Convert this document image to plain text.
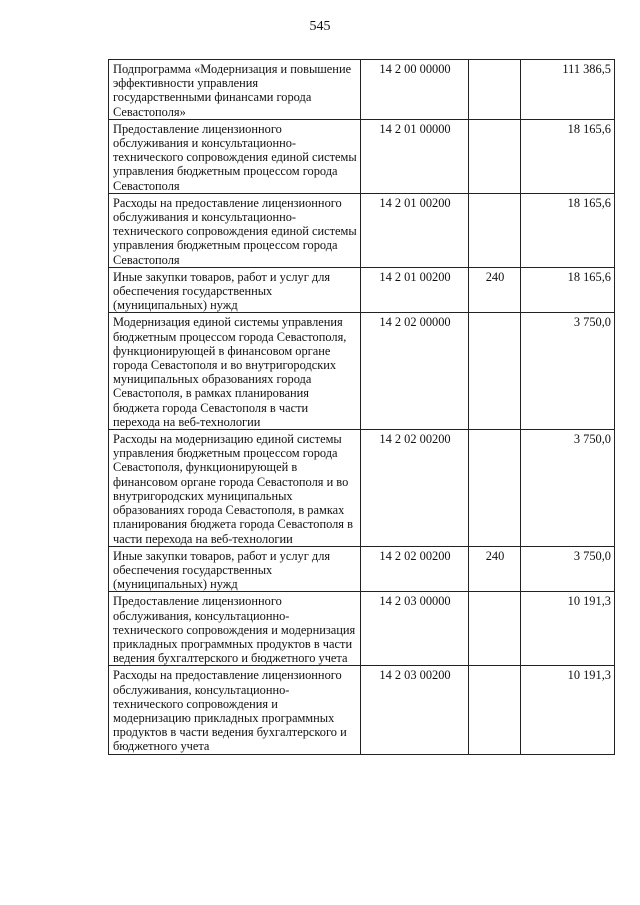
545
Подпрограмма «Модернизация и повышение эффективности управления государственными финансами города Севастополя»	14 2 00 00000		111 386,5
Предоставление лицензионного обслуживания и консультационно-технического сопровождения единой системы управления бюджетным процессом города Севастополя	14 2 01 00000		18 165,6
Расходы на предоставление лицензионного обслуживания и консультационно-технического сопровождения единой системы управления бюджетным процессом города Севастополя	14 2 01 00200		18 165,6
Иные закупки товаров, работ и услуг для обеспечения государственных (муниципальных) нужд	14 2 01 00200	240	18 165,6
Модернизация единой системы управления бюджетным процессом города Севастополя, функционирующей в финансовом органе города Севастополя и во внутригородских муниципальных образованиях города Севастополя, в рамках планирования бюджета города Севастополя в части перехода на веб-технологии	14 2 02 00000		3 750,0
Расходы на модернизацию единой системы управления бюджетным процессом города Севастополя, функционирующей в финансовом органе города Севастополя и во внутригородских муниципальных образованиях города Севастополя, в рамках планирования бюджета города Севастополя в части перехода на веб-технологии	14 2 02 00200		3 750,0
Иные закупки товаров, работ и услуг для обеспечения государственных (муниципальных) нужд	14 2 02 00200	240	3 750,0
Предоставление лицензионного обслуживания, консультационно-технического сопровождения и модернизация прикладных программных продуктов в части ведения бухгалтерского и бюджетного учета	14 2 03 00000		10 191,3
Расходы на предоставление лицензионного обслуживания, консультационно-технического сопровождения и модернизацию прикладных программных продуктов в части ведения бухгалтерского и бюджетного учета	14 2 03 00200		10 191,3
